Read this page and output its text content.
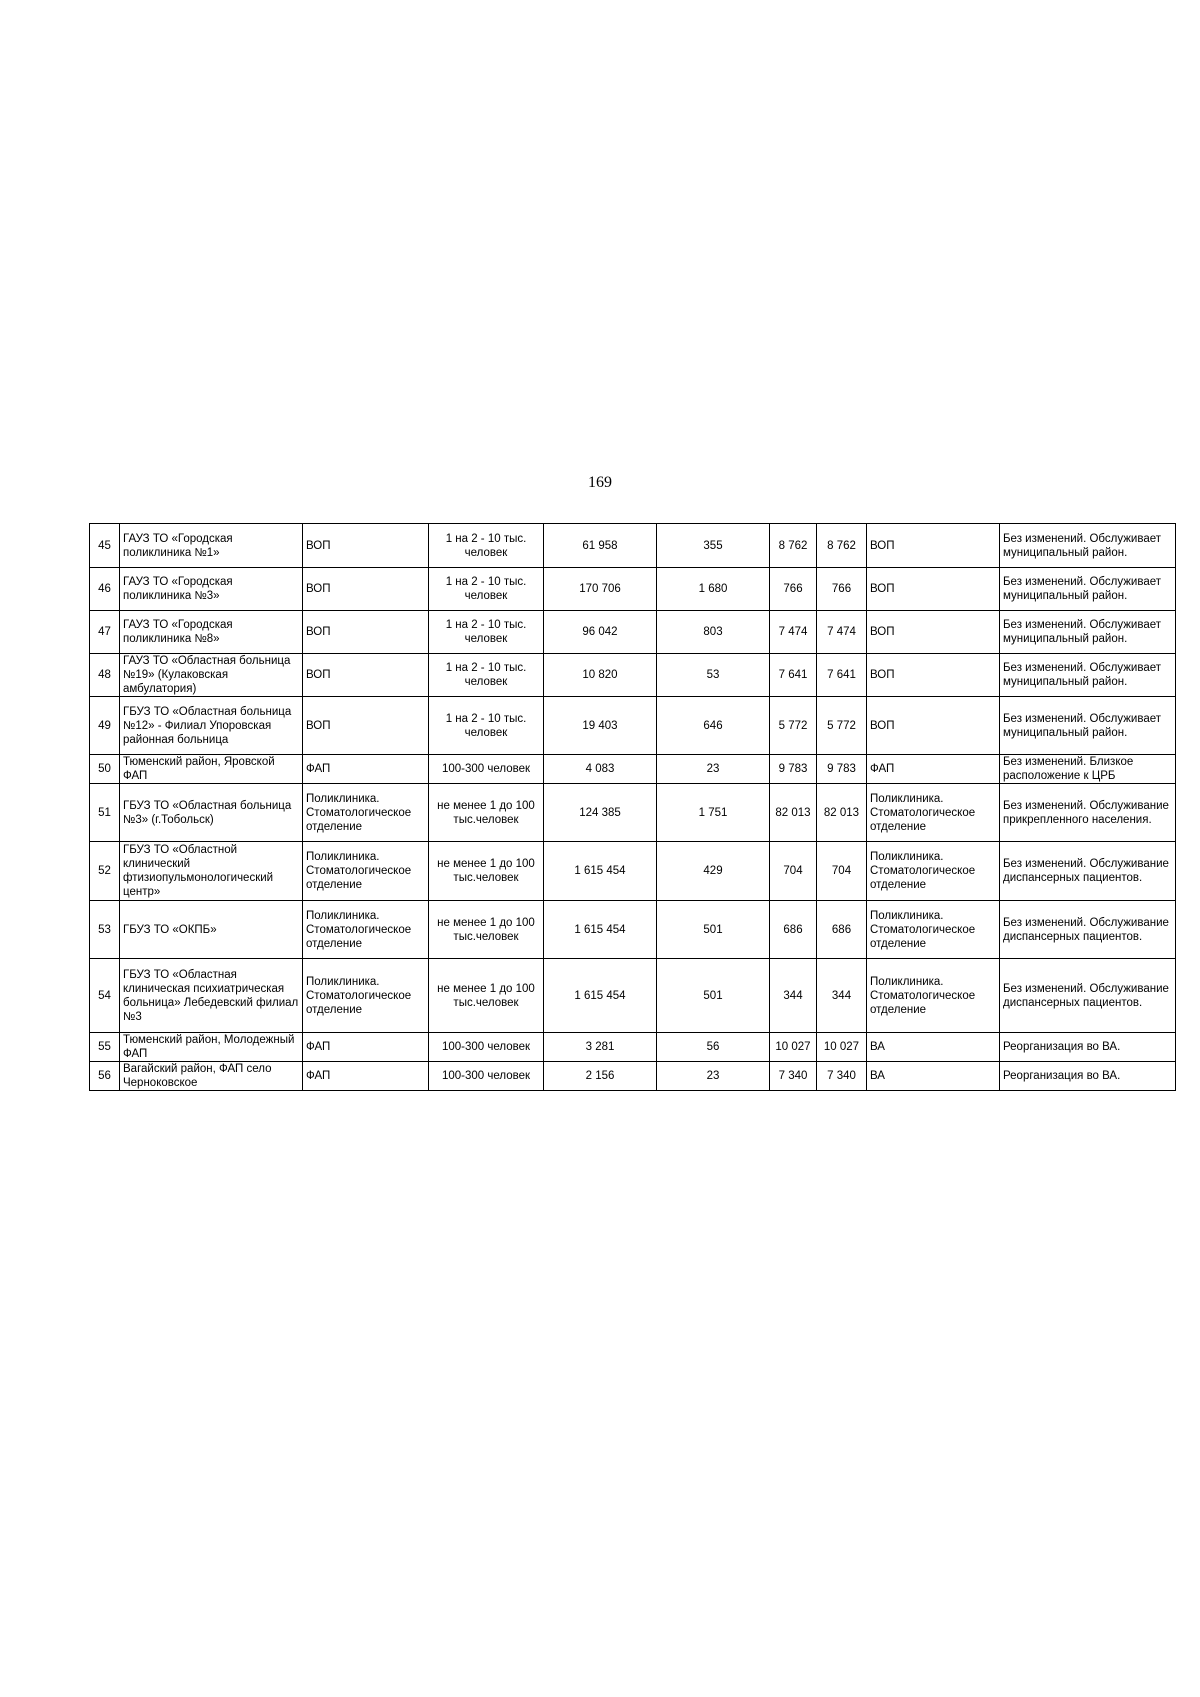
169
45	ГАУЗ ТО «Городская поликлиника №1»	ВОП	1 на 2 - 10 тыс. человек	61 958	355	8 762	8 762	ВОП	Без изменений. Обслуживает муниципальный район.
46	ГАУЗ ТО «Городская поликлиника №3»	ВОП	1 на 2 - 10 тыс. человек	170 706	1 680	766	766	ВОП	Без изменений. Обслуживает муниципальный район.
47	ГАУЗ ТО «Городская поликлиника №8»	ВОП	1 на 2 - 10 тыс. человек	96 042	803	7 474	7 474	ВОП	Без изменений. Обслуживает муниципальный район.
48	ГАУЗ ТО «Областная больница №19» (Кулаковская амбулатория)	ВОП	1 на 2 - 10 тыс. человек	10 820	53	7 641	7 641	ВОП	Без изменений. Обслуживает муниципальный район.
49	ГБУЗ ТО «Областная больница №12» - Филиал Упоровская районная больница	ВОП	1 на 2 - 10 тыс. человек	19 403	646	5 772	5 772	ВОП	Без изменений. Обслуживает муниципальный район.
50	Тюменский район, Яровской ФАП	ФАП	100-300 человек	4 083	23	9 783	9 783	ФАП	Без изменений. Близкое расположение к ЦРБ
51	ГБУЗ ТО «Областная больница №3» (г.Тобольск)	Поликлиника. Стоматологическое отделение	не менее 1 до 100 тыс.человек	124 385	1 751	82 013	82 013	Поликлиника. Стоматологическое отделение	Без изменений. Обслуживание прикрепленного населения.
52	ГБУЗ ТО «Областной клинический фтизиопульмонологический центр»	Поликлиника. Стоматологическое отделение	не менее 1 до 100 тыс.человек	1 615 454	429	704	704	Поликлиника. Стоматологическое отделение	Без изменений. Обслуживание диспансерных пациентов.
53	ГБУЗ ТО «ОКПБ»	Поликлиника. Стоматологическое отделение	не менее 1 до 100 тыс.человек	1 615 454	501	686	686	Поликлиника. Стоматологическое отделение	Без изменений. Обслуживание диспансерных пациентов.
54	ГБУЗ ТО «Областная клиническая психиатрическая больница» Лебедевский филиал №3	Поликлиника. Стоматологическое отделение	не менее 1 до 100 тыс.человек	1 615 454	501	344	344	Поликлиника. Стоматологическое отделение	Без изменений. Обслуживание диспансерных пациентов.
55	Тюменский район, Молодежный ФАП	ФАП	100-300 человек	3 281	56	10 027	10 027	ВА	Реорганизация во ВА.
56	Вагайский район, ФАП село Черноковское	ФАП	100-300 человек	2 156	23	7 340	7 340	ВА	Реорганизация во ВА.
